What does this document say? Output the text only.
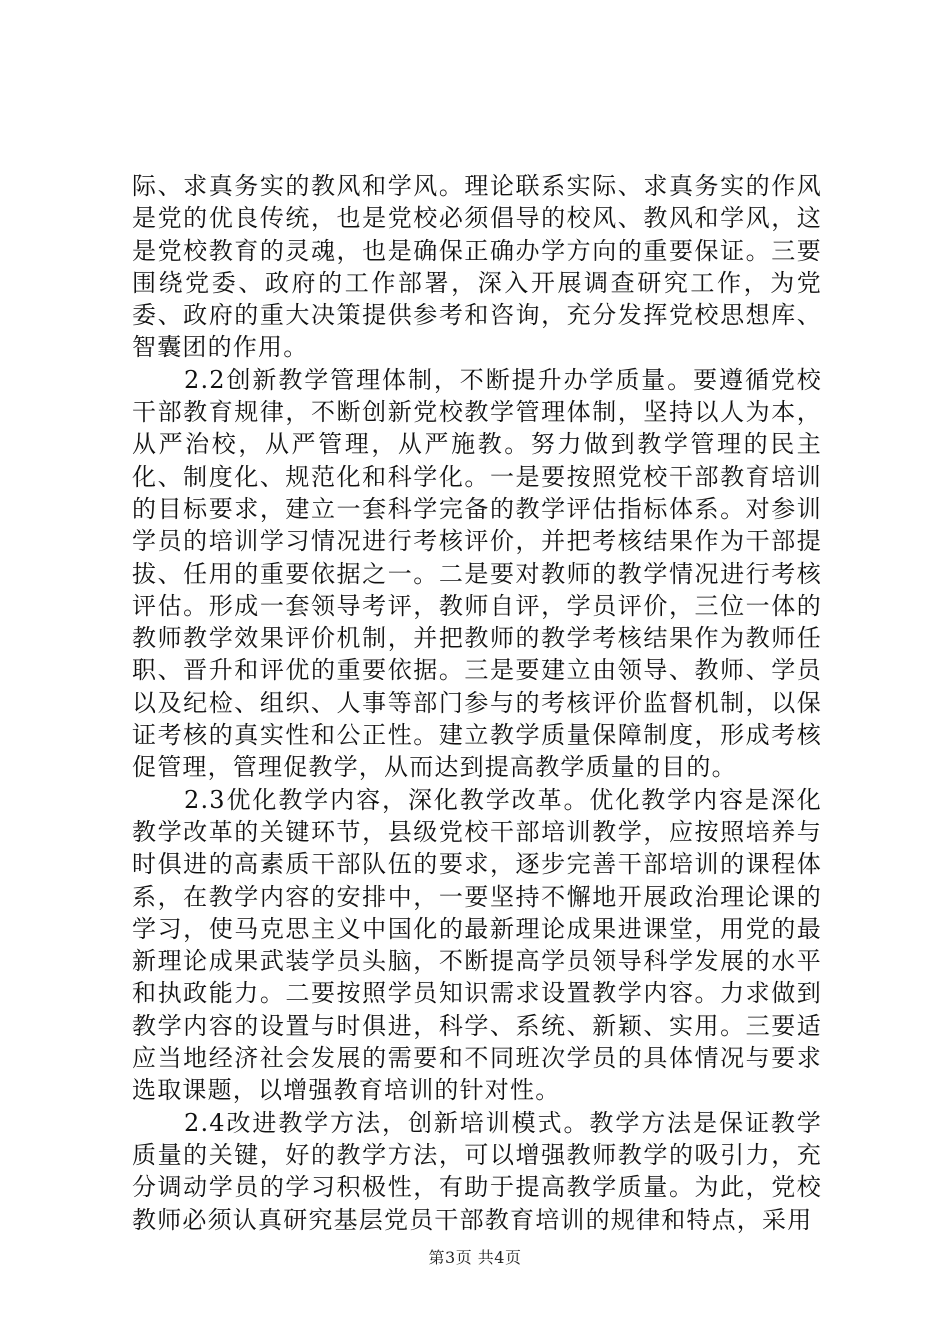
际、求真务实的教风和学风。理论联系实际、求真务实的作风是党的优良传统，也是党校必须倡导的校风、教风和学风，这是党校教育的灵魂，也是确保正确办学方向的重要保证。三要围绕党委、政府的工作部署，深入开展调查研究工作，为党委、政府的重大决策提供参考和咨询，充分发挥党校思想库、智囊团的作用。

2.2创新教学管理体制，不断提升办学质量。要遵循党校干部教育规律，不断创新党校教学管理体制，坚持以人为本，从严治校，从严管理，从严施教。努力做到教学管理的民主化、制度化、规范化和科学化。一是要按照党校干部教育培训的目标要求，建立一套科学完备的教学评估指标体系。对参训学员的培训学习情况进行考核评价，并把考核结果作为干部提拔、任用的重要依据之一。二是要对教师的教学情况进行考核评估。形成一套领导考评，教师自评，学员评价，三位一体的教师教学效果评价机制，并把教师的教学考核结果作为教师任职、晋升和评优的重要依据。三是要建立由领导、教师、学员以及纪检、组织、人事等部门参与的考核评价监督机制，以保证考核的真实性和公正性。建立教学质量保障制度，形成考核促管理，管理促教学，从而达到提高教学质量的目的。

2.3优化教学内容，深化教学改革。优化教学内容是深化教学改革的关键环节，县级党校干部培训教学，应按照培养与时俱进的高素质干部队伍的要求，逐步完善干部培训的课程体系，在教学内容的安排中，一要坚持不懈地开展政治理论课的学习，使马克思主义中国化的最新理论成果进课堂，用党的最新理论成果武装学员头脑，不断提高学员领导科学发展的水平和执政能力。二要按照学员知识需求设置教学内容。力求做到教学内容的设置与时俱进，科学、系统、新颖、实用。三要适应当地经济社会发展的需要和不同班次学员的具体情况与要求选取课题，以增强教育培训的针对性。

2.4改进教学方法，创新培训模式。教学方法是保证教学质量的关键，好的教学方法，可以增强教师教学的吸引力，充分调动学员的学习积极性，有助于提高教学质量。为此，党校教师必须认真研究基层党员干部教育培训的规律和特点，采用

第3页 共4页
